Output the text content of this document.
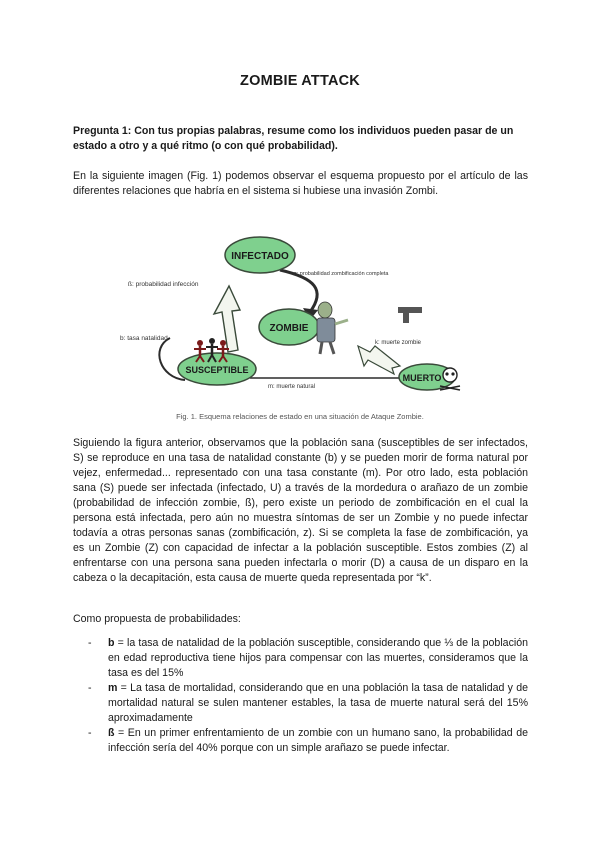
ZOMBIE ATTACK
Pregunta 1: Con tus propias palabras, resume como los individuos pueden pasar de un estado a otro y a qué ritmo (o con qué probabilidad).
En la siguiente imagen (Fig. 1) podemos observar el esquema propuesto por el artículo de las diferentes relaciones que habría en el sistema si hubiese una invasión Zombi.
INFECTADO
ZOMBIE
SUSCEPTIBLE
MUERTO
ß: probabilidad infección
ɀ: probabilidad zombificación completa
b: tasa natalidad
k: muerte zombie
m: muerte natural
Fig. 1. Esquema relaciones de estado en una situación de Ataque Zombie.
Siguiendo la figura anterior, observamos que la población sana (susceptibles de ser infectados, S) se reproduce en una tasa de natalidad constante (b) y se pueden morir de forma natural por vejez, enfermedad... representado con una tasa constante (m). Por otro lado, esta población sana (S) puede ser infectada (infectado, U) a través de la mordedura o arañazo de un zombie (probabilidad de infección zombie, ß), pero existe un periodo de zombificación en el cual la persona está infectada, pero aún no muestra síntomas de ser un Zombie y no puede infectar todavía a otras personas sanas (zombificación, z). Si se completa la fase de zombificación, ya es un Zombie (Z) con capacidad de infectar a la población susceptible. Estos zombies (Z) al enfrentarse con una persona sana pueden infectarla o morir (D) a causa de un disparo en la cabeza o la decapitación, esta causa de muerte queda representada por “k”.
Como propuesta de probabilidades:
- b = la tasa de natalidad de la población susceptible, considerando que ⅓ de la población en edad reproductiva tiene hijos para compensar con las muertes, consideramos que la tasa es del 15%
- m = La tasa de mortalidad, considerando que en una población la tasa de natalidad y de mortalidad natural se sulen mantener estables, la tasa de muerte natural será del 15% aproximadamente
- ß = En un primer enfrentamiento de un zombie con un humano sano, la probabilidad de infección sería del 40% porque con un simple arañazo se puede infectar.
